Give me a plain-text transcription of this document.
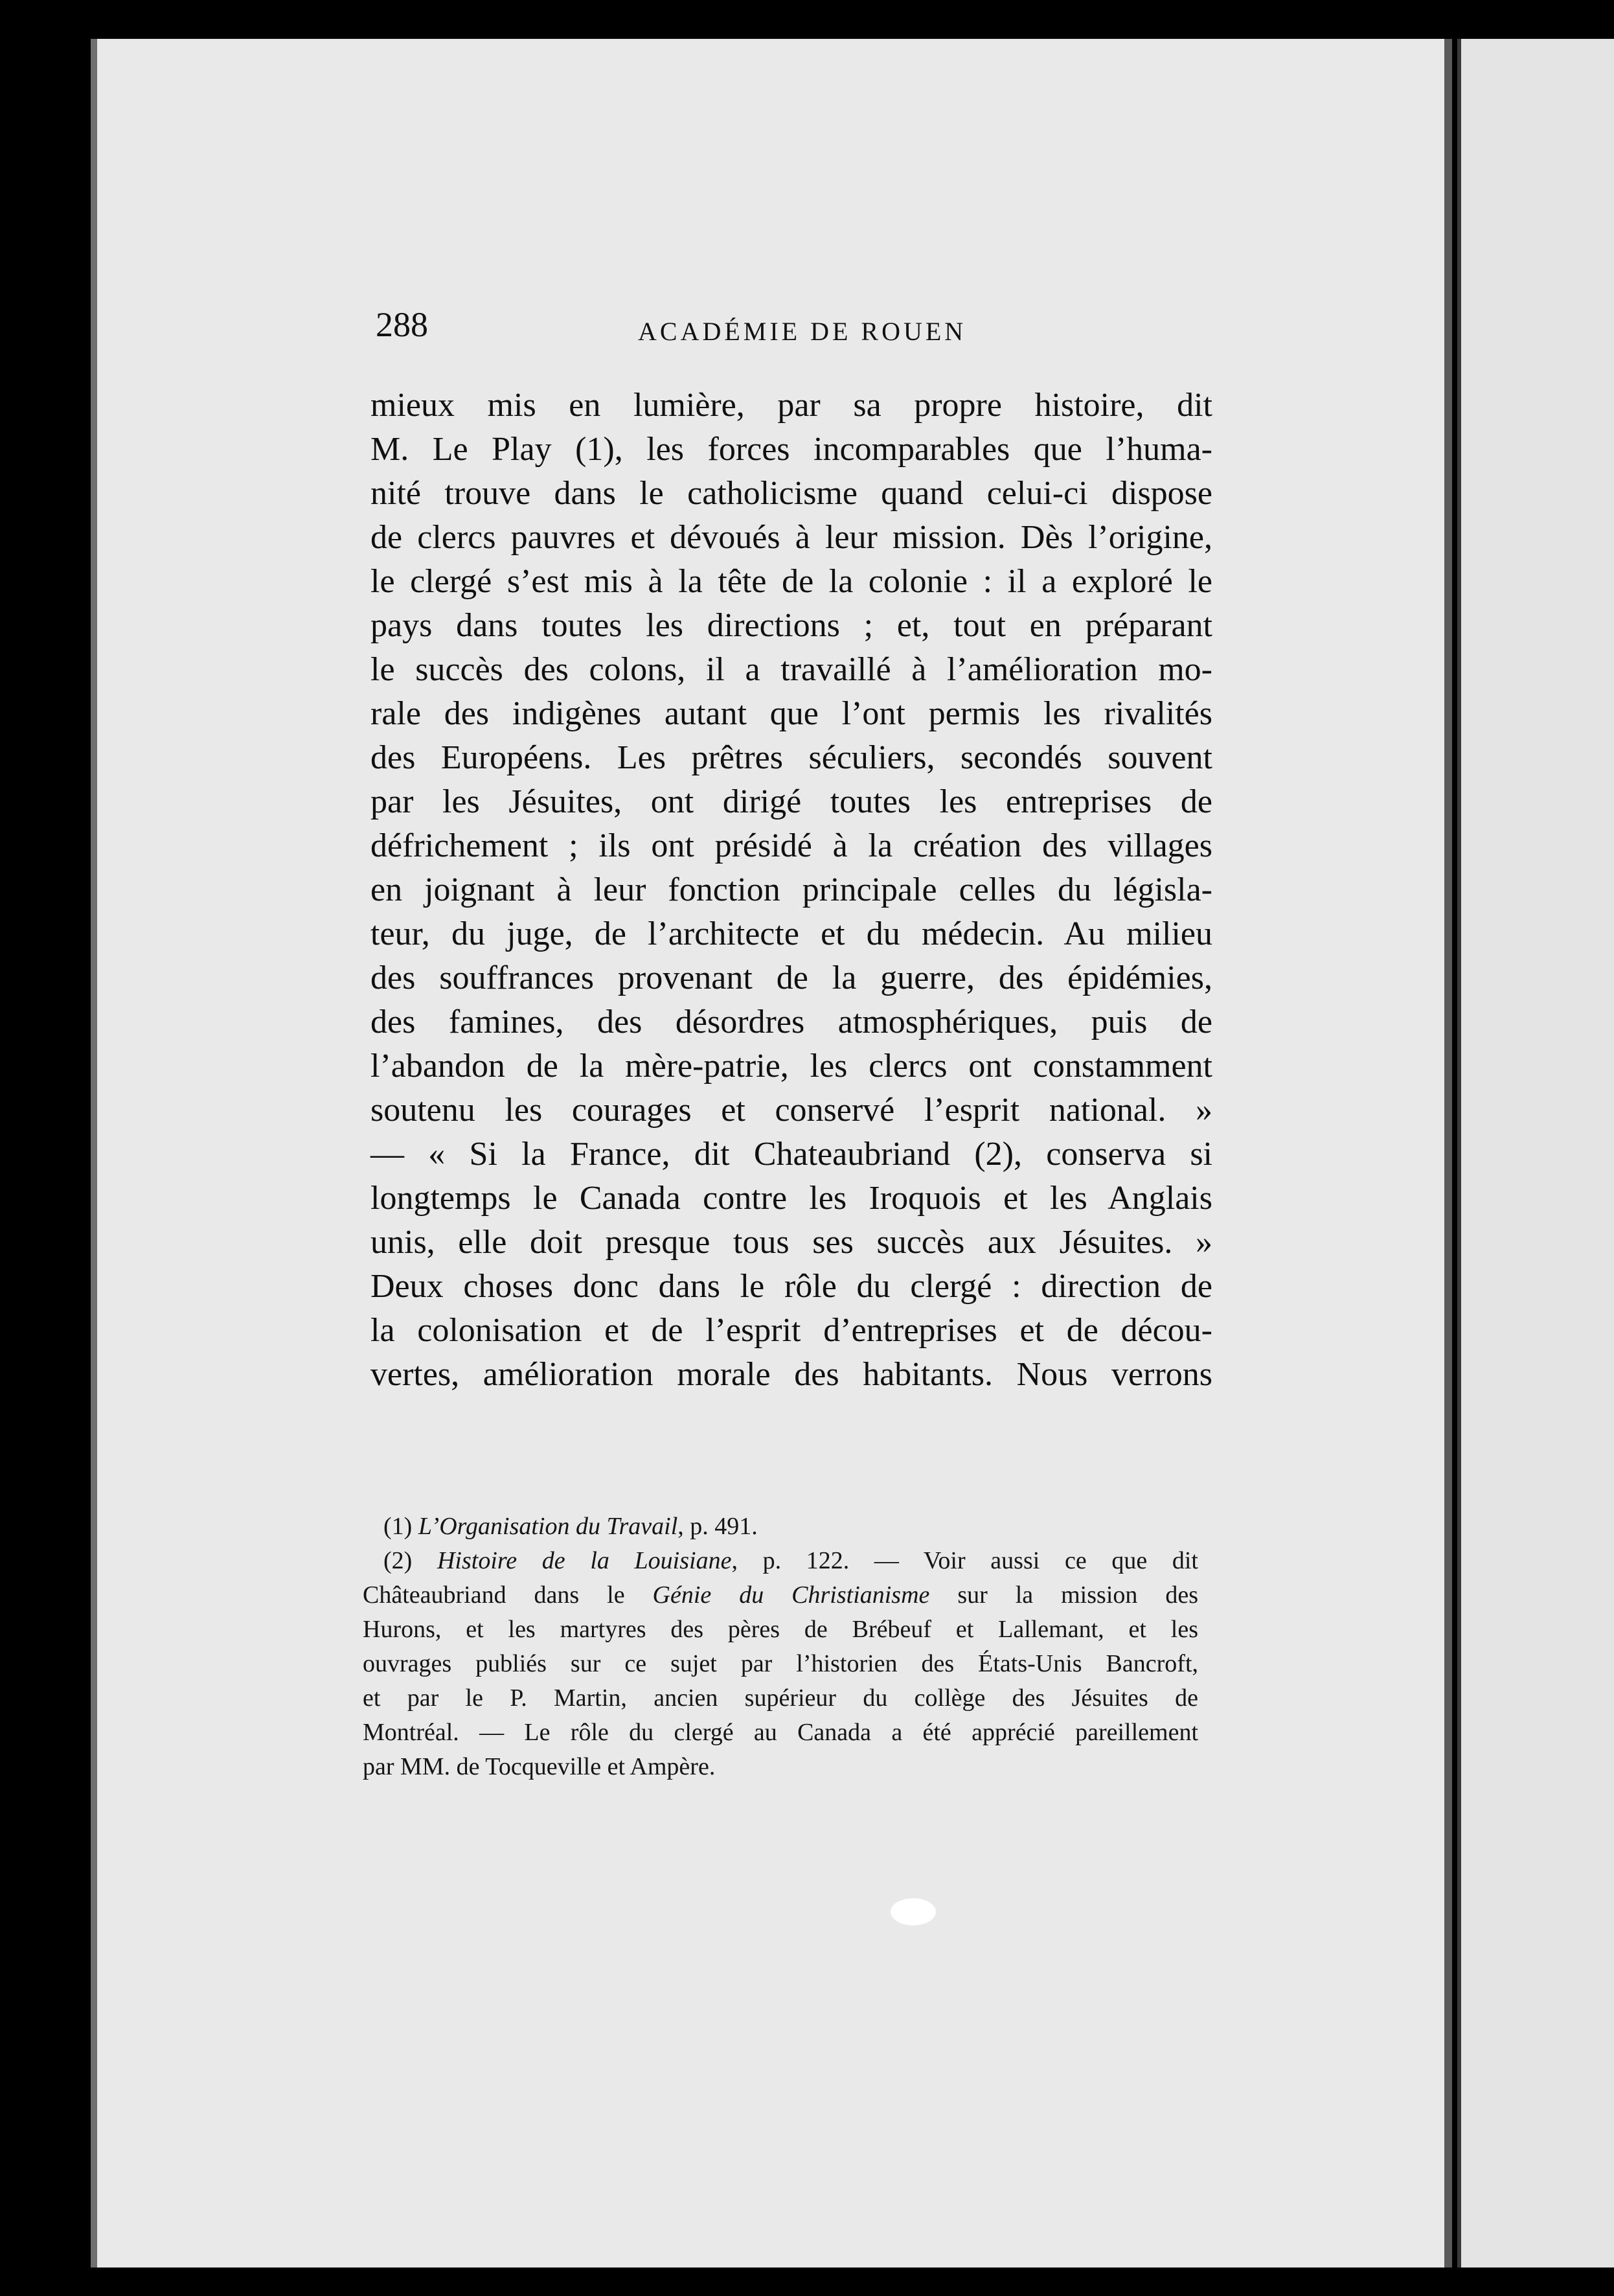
288	ACADÉMIE DE ROUEN
mieux mis en lumière, par sa propre histoire, dit
M. Le Play (1), les forces incomparables que l’huma-
nité trouve dans le catholicisme quand celui-ci dispose
de clercs pauvres et dévoués à leur mission. Dès l’origine,
le clergé s’est mis à la tête de la colonie : il a exploré le
pays dans toutes les directions ; et, tout en préparant
le succès des colons, il a travaillé à l’amélioration mo-
rale des indigènes autant que l’ont permis les rivalités
des Européens. Les prêtres séculiers, secondés souvent
par les Jésuites, ont dirigé toutes les entreprises de
défrichement ; ils ont présidé à la création des villages
en joignant à leur fonction principale celles du législa-
teur, du juge, de l’architecte et du médecin. Au milieu
des souffrances provenant de la guerre, des épidémies,
des famines, des désordres atmosphériques, puis de
l’abandon de la mère-patrie, les clercs ont constamment
soutenu les courages et conservé l’esprit national. »
— « Si la France, dit Chateaubriand (2), conserva si
longtemps le Canada contre les Iroquois et les Anglais
unis, elle doit presque tous ses succès aux Jésuites. »
Deux choses donc dans le rôle du clergé : direction de
la colonisation et de l’esprit d’entreprises et de décou-
vertes, amélioration morale des habitants. Nous verrons
(1) L’Organisation du Travail, p. 491.
(2) Histoire de la Louisiane, p. 122. — Voir aussi ce que dit
Châteaubriand dans le Génie du Christianisme sur la mission des
Hurons, et les martyres des pères de Brébeuf et Lallemant, et les
ouvrages publiés sur ce sujet par l’historien des États-Unis Bancroft,
et par le P. Martin, ancien supérieur du collège des Jésuites de
Montréal. — Le rôle du clergé au Canada a été apprécié pareillement
par MM. de Tocqueville et Ampère.
